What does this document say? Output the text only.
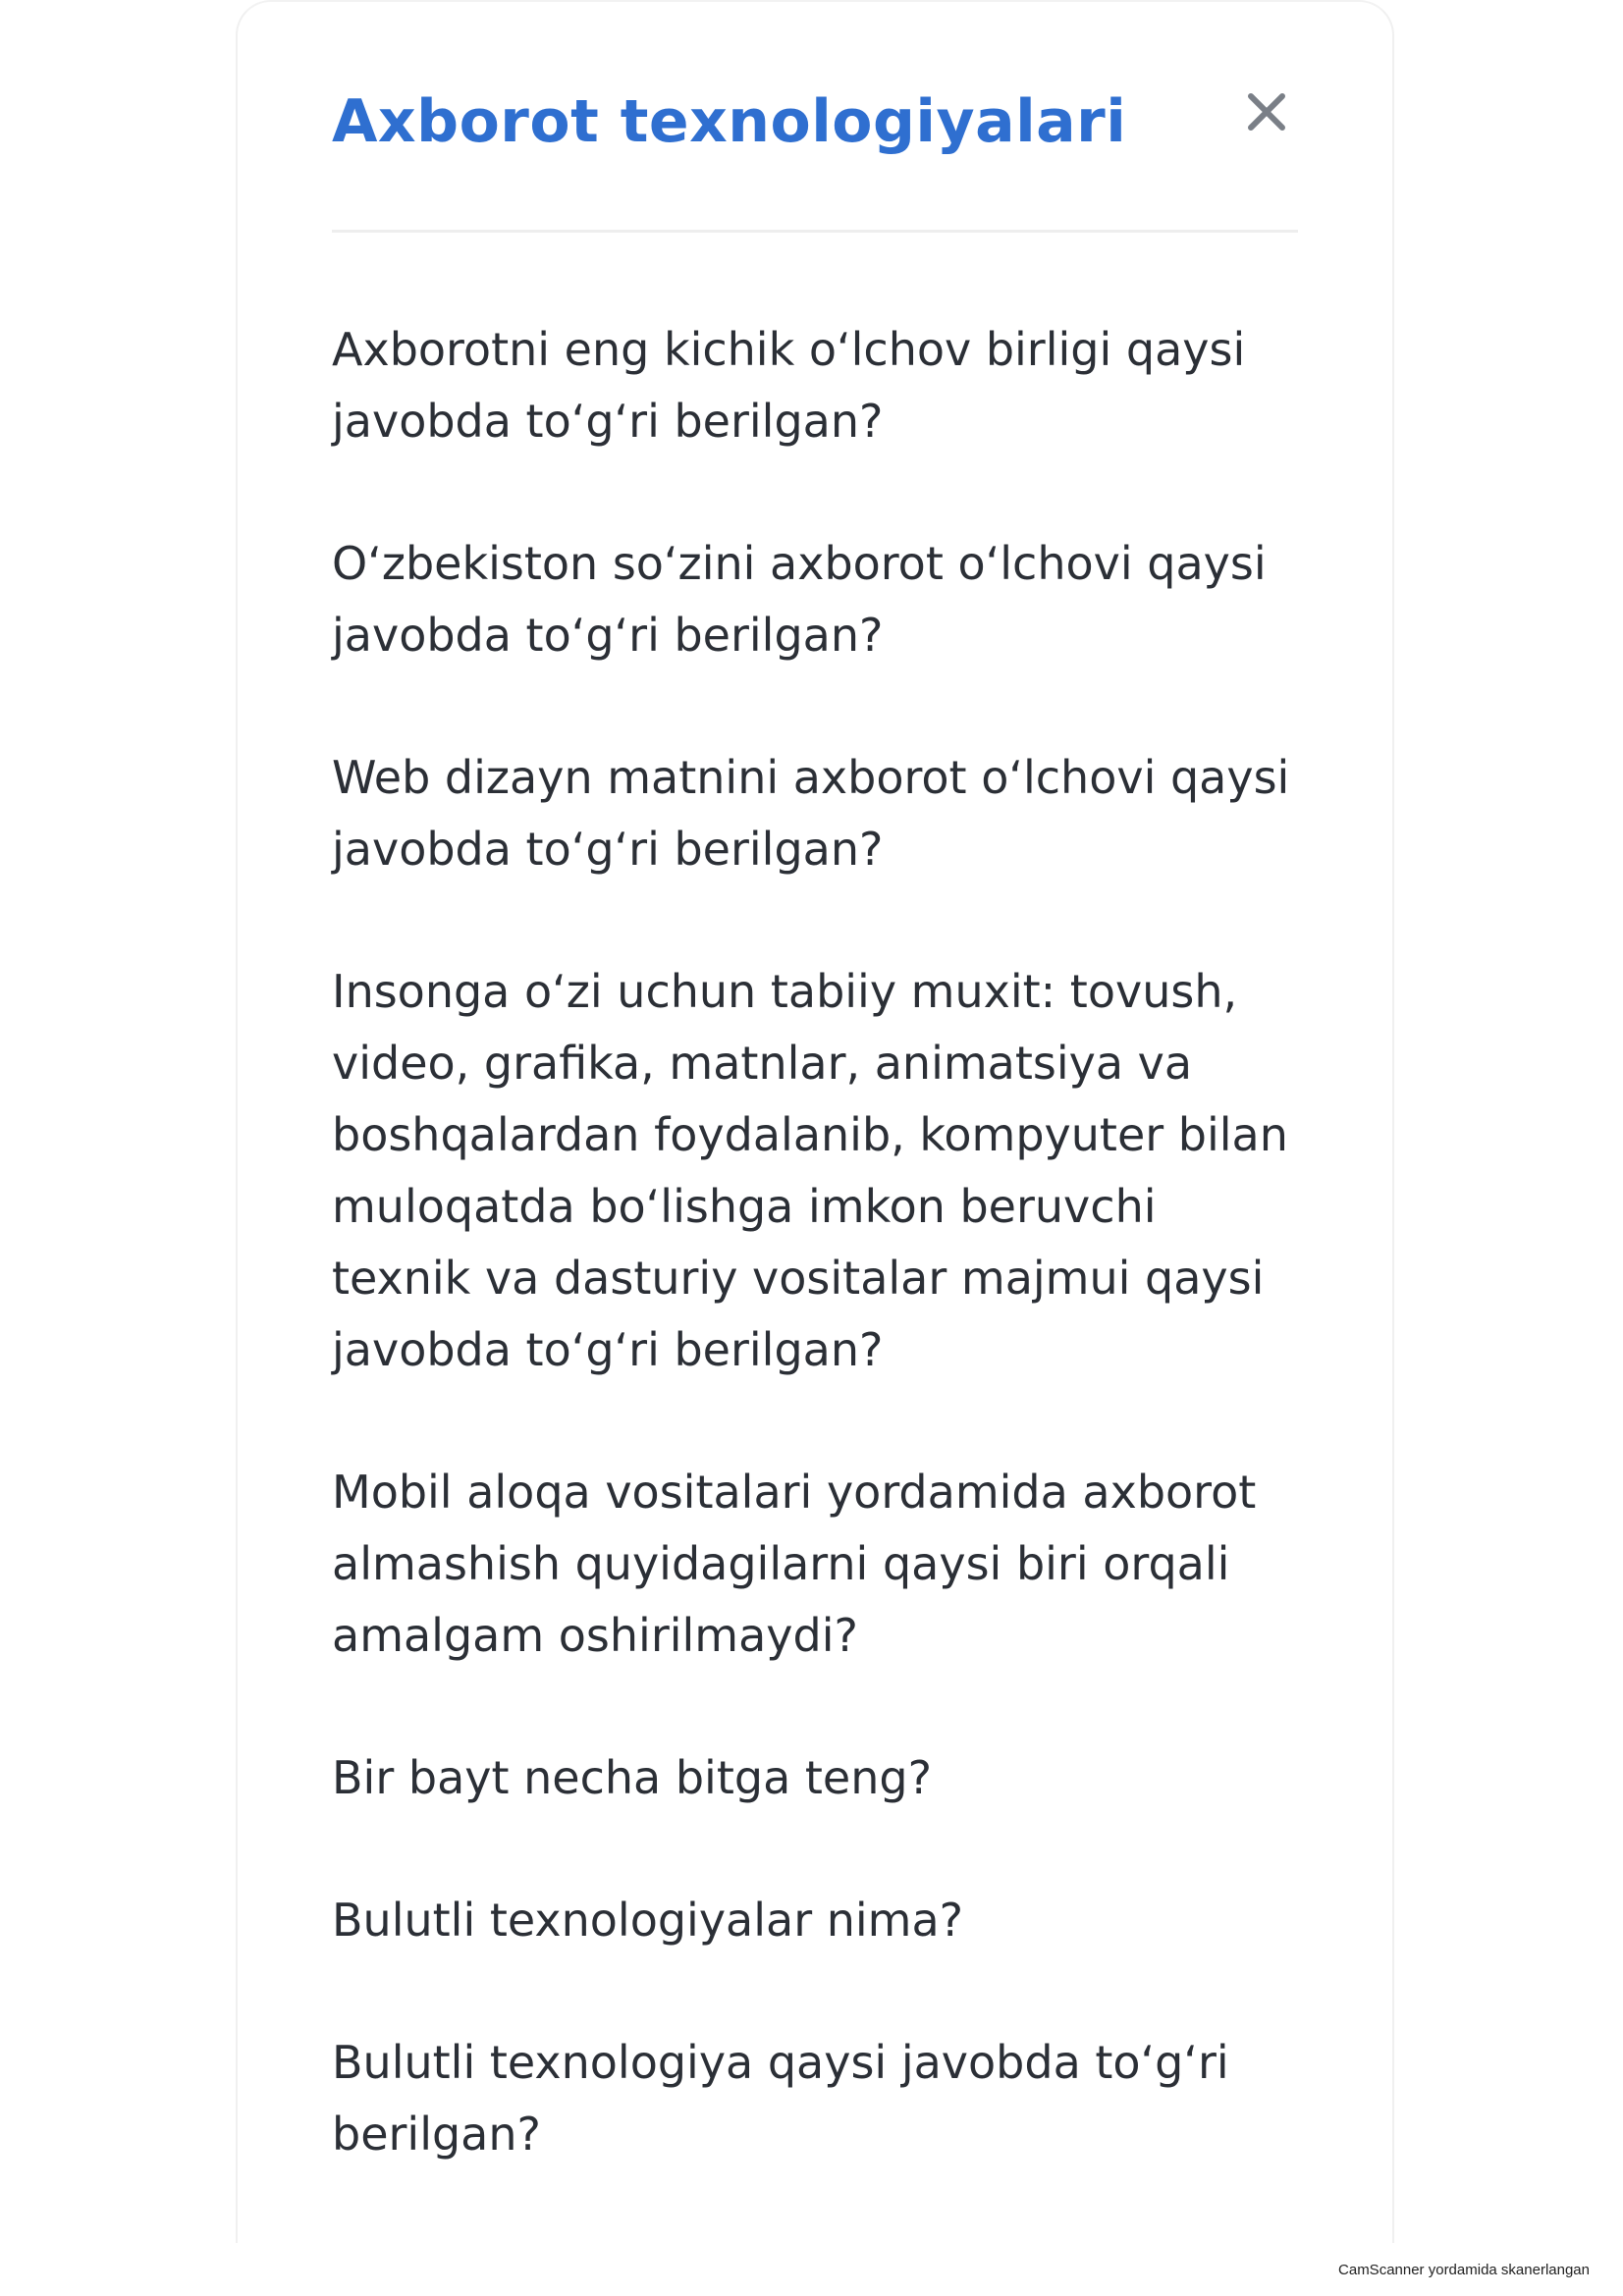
Axborot texnologiyalari
Axborotni eng kichik o‘lchov birligi qaysi javobda to‘g‘ri berilgan?
O‘zbekiston so‘zini axborot o‘lchovi qaysi javobda to‘g‘ri berilgan?
Web dizayn matnini axborot o‘lchovi qaysi javobda to‘g‘ri berilgan?
Insonga o‘zi uchun tabiiy muxit: tovush, video, grafika, matnlar, animatsiya va boshqalardan foydalanib, kompyuter bilan muloqatda bo‘lishga imkon beruvchi texnik va dasturiy vositalar majmui qaysi javobda to‘g‘ri berilgan?
Mobil aloqa vositalari yordamida axborot almashish quyidagilarni qaysi biri orqali amalgam oshirilmaydi?
Bir bayt necha bitga teng?
Bulutli texnologiyalar nima?
Bulutli texnologiya qaysi javobda to‘g‘ri berilgan?
CamScanner yordamida skanerlangan
